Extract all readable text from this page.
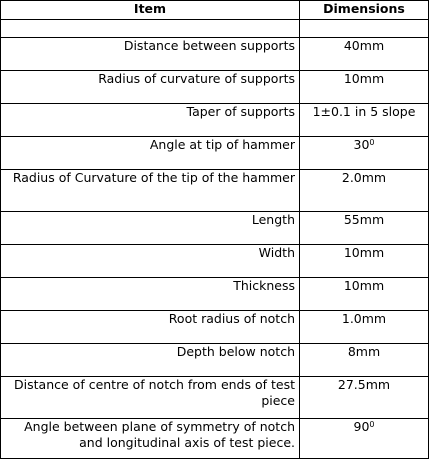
Item	Dimensions

Distance between supports	40mm
Radius of curvature of supports	10mm
Taper of supports	1±0.1 in 5 slope
Angle at tip of hammer	$30^0$
Radius of Curvature of the tip of the hammer	2.0mm
Length	55mm
Width	10mm
Thickness	10mm
Root radius of notch	1.0mm
Depth below notch	8mm
Distance of centre of notch from ends of test piece	27.5mm
Angle between plane of symmetry of notch and longitudinal axis of test piece.	$90^0$
